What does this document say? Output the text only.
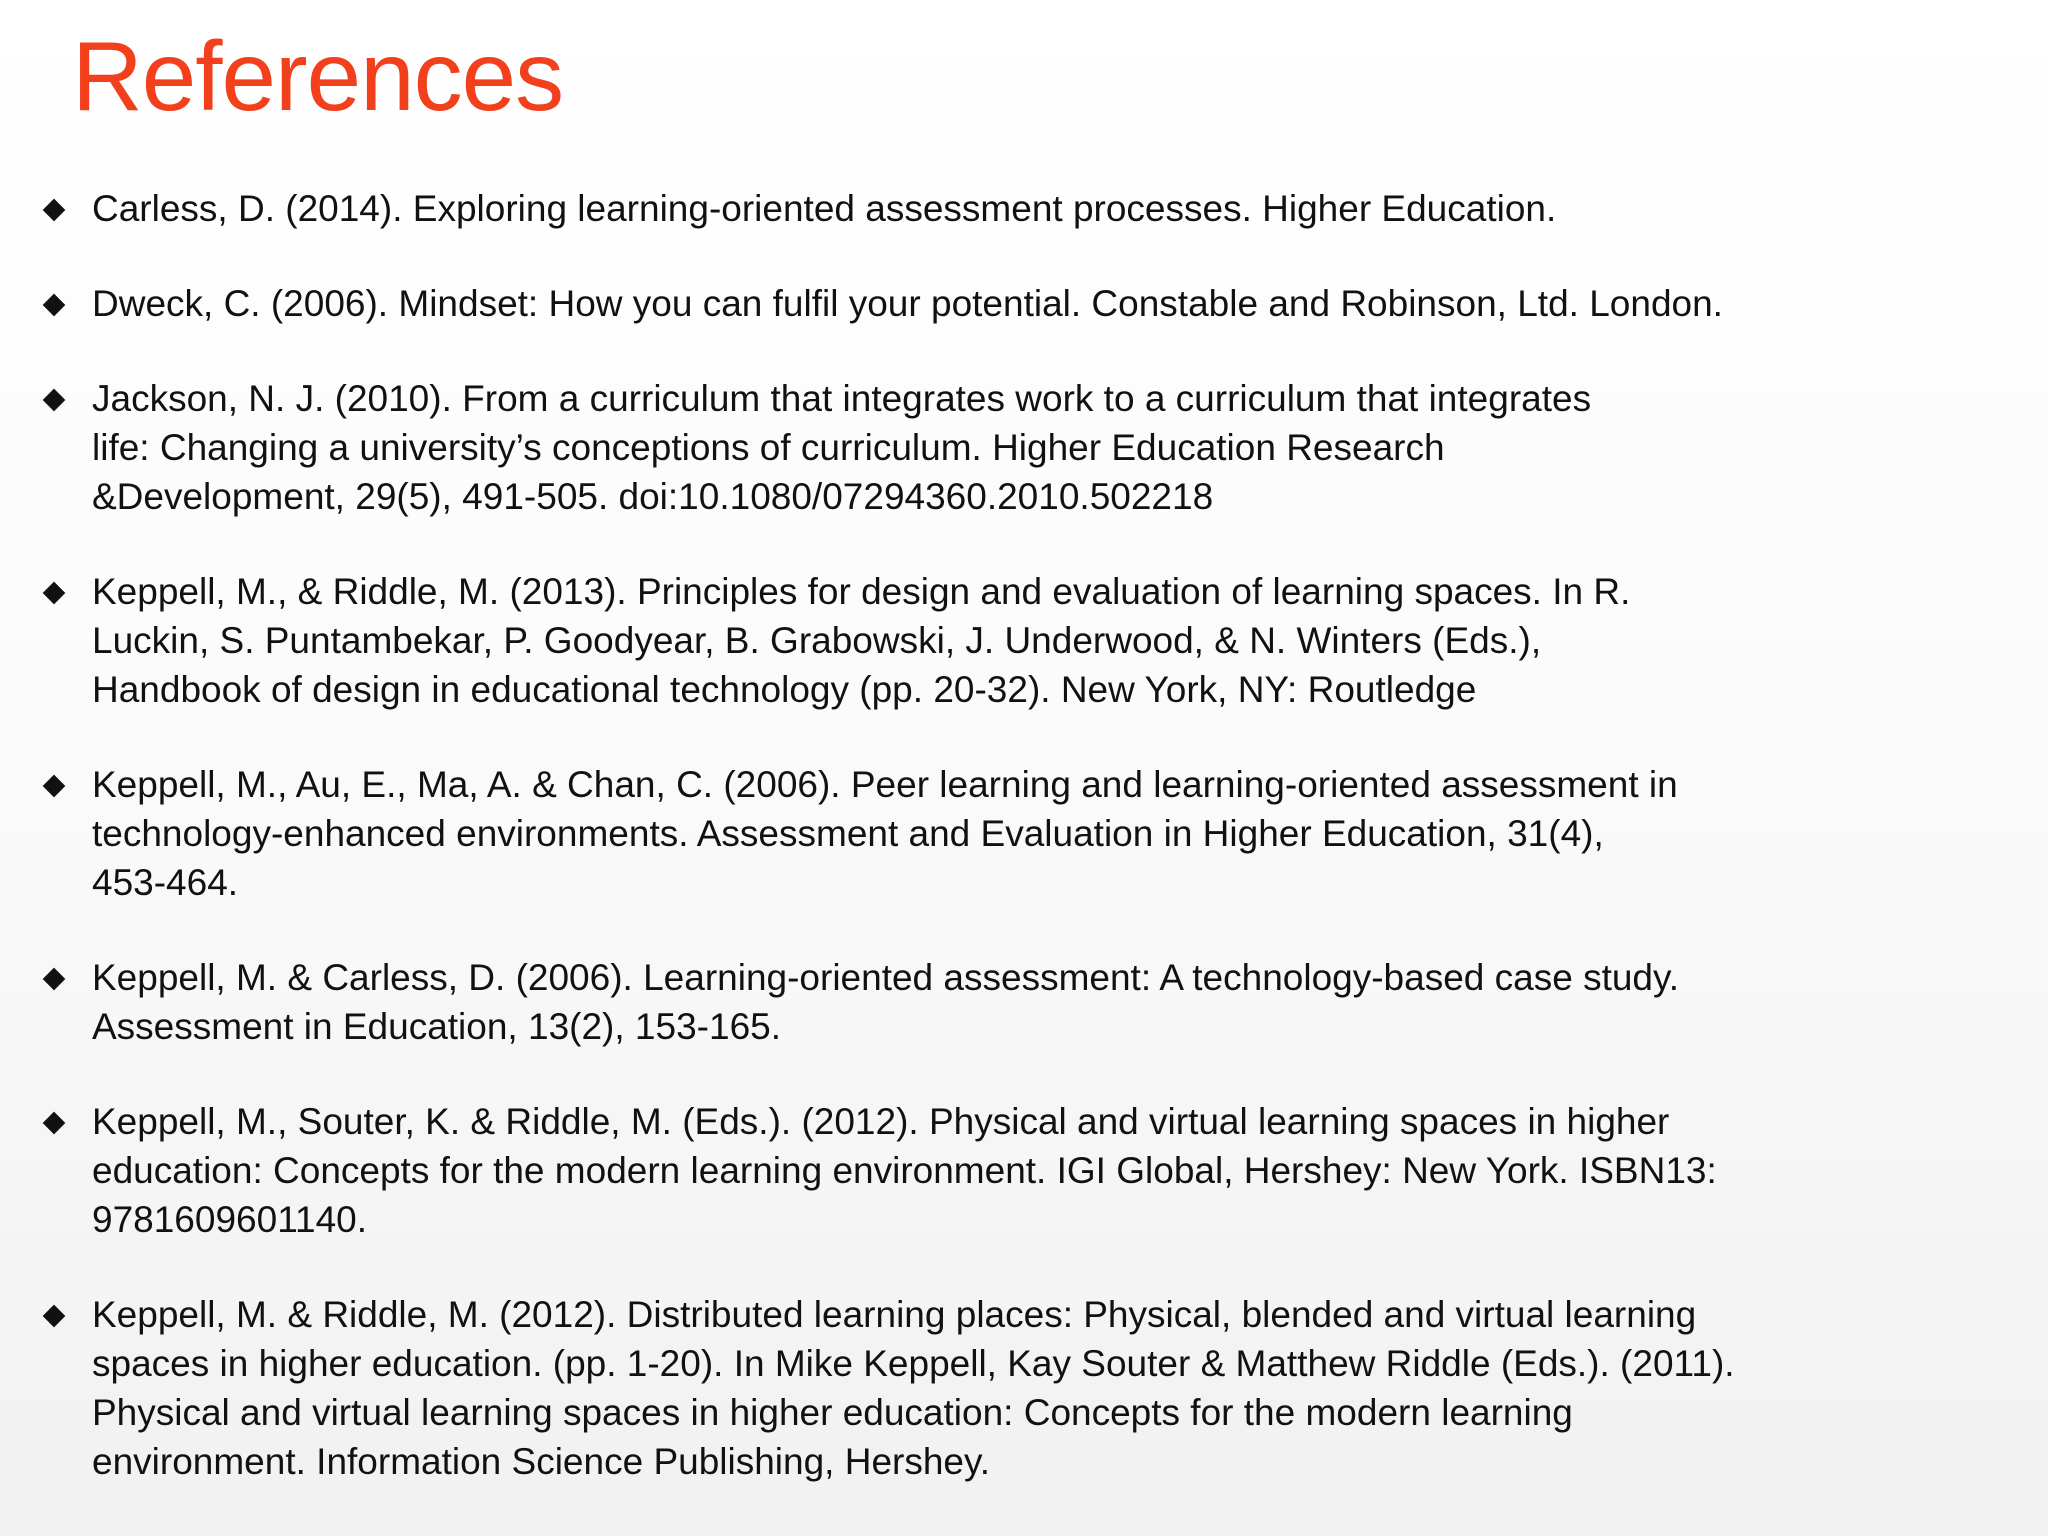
References
Carless, D. (2014). Exploring learning-oriented assessment processes. Higher Education.
Dweck, C. (2006). Mindset: How you can fulfil your potential. Constable and Robinson, Ltd. London.
Jackson, N. J. (2010). From a curriculum that integrates work to a curriculum that integrates
life: Changing a university’s conceptions of curriculum. Higher Education Research
&Development, 29(5), 491-505. doi:10.1080/07294360.2010.502218
Keppell, M., & Riddle, M. (2013). Principles for design and evaluation of learning spaces. In R.
Luckin, S. Puntambekar, P. Goodyear, B. Grabowski, J. Underwood, & N. Winters (Eds.),
Handbook of design in educational technology (pp. 20-32). New York, NY: Routledge
Keppell, M., Au, E., Ma, A. & Chan, C. (2006). Peer learning and learning-oriented assessment in
technology-enhanced environments. Assessment and Evaluation in Higher Education, 31(4),
453-464.
Keppell, M. & Carless, D. (2006). Learning-oriented assessment: A technology-based case study.
Assessment in Education, 13(2), 153-165.
Keppell, M., Souter, K. & Riddle, M. (Eds.). (2012). Physical and virtual learning spaces in higher
education: Concepts for the modern learning environment. IGI Global, Hershey: New York. ISBN13:
9781609601140.
Keppell, M. & Riddle, M. (2012). Distributed learning places: Physical, blended and virtual learning
spaces in higher education. (pp. 1-20). In Mike Keppell, Kay Souter & Matthew Riddle (Eds.). (2011).
Physical and virtual learning spaces in higher education: Concepts for the modern learning
environment. Information Science Publishing, Hershey.
